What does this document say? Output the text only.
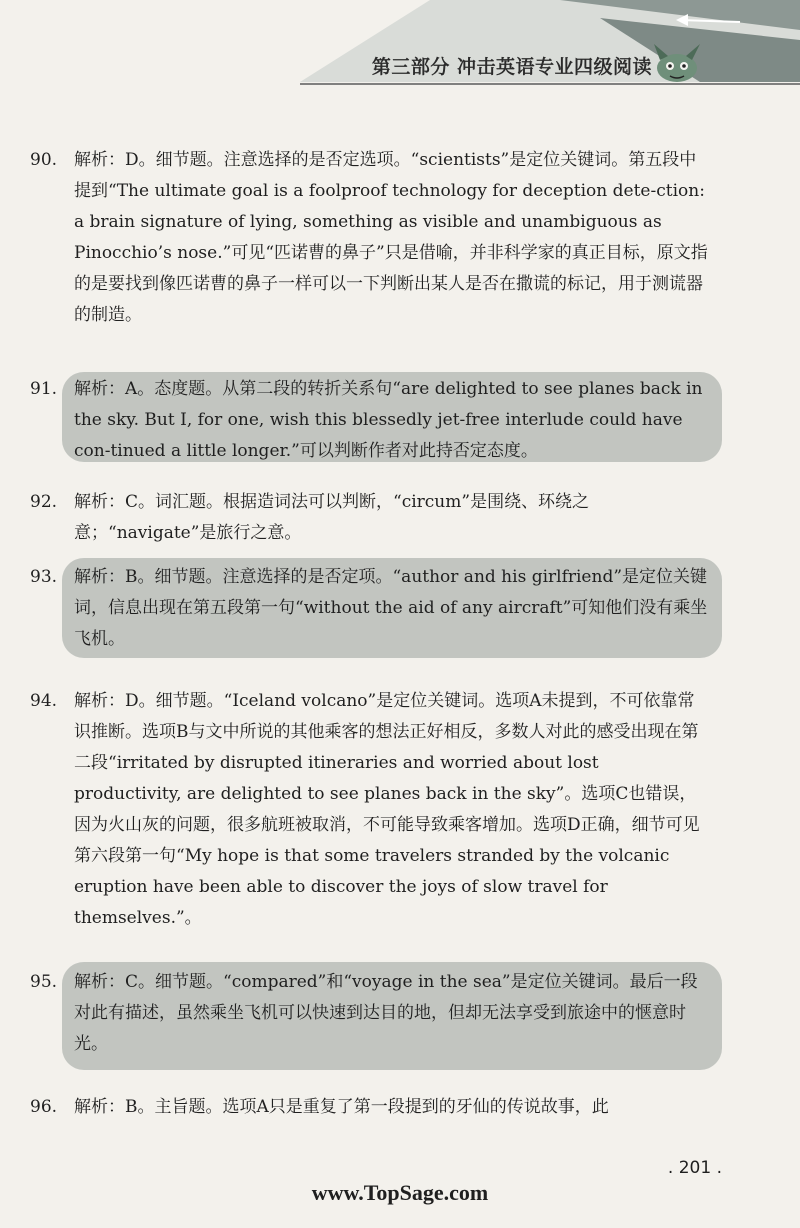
第三部分 冲击英语专业四级阅读
90. 解析：D。细节题。注意选择的是否定选项。“scientists”是定位关键词。第五段中提到“The ultimate goal is a foolproof technology for deception dete-ction: a brain signature of lying, something as visible and unambiguous as Pinocchio’s nose.”可见“匹诺曹的鼻子”只是借喻，并非科学家的真正目标，原文指的是要找到像匹诺曹的鼻子一样可以一下判断出某人是否在撒谎的标记，用于测谎器的制造。
91. 解析：A。态度题。从第二段的转折关系句“are delighted to see planes back in the sky. But I, for one, wish this blessedly jet-free interlude could have con-tinued a little longer.”可以判断作者对此持否定态度。
92. 解析：C。词汇题。根据造词法可以判断，“circum”是围绕、环绕之意；“navigate”是旅行之意。
93. 解析：B。细节题。注意选择的是否定项。“author and his girlfriend”是定位关键词，信息出现在第五段第一句“without the aid of any aircraft”可知他们没有乘坐飞机。
94. 解析：D。细节题。“Iceland volcano”是定位关键词。选项A未提到，不可依靠常识推断。选项B与文中所说的其他乘客的想法正好相反，多数人对此的感受出现在第二段“irritated by disrupted itineraries and worried about lost productivity, are delighted to see planes back in the sky”。选项C也错误，因为火山灰的问题，很多航班被取消，不可能导致乘客增加。选项D正确，细节可见第六段第一句“My hope is that some travelers stranded by the volcanic eruption have been able to discover the joys of slow travel for themselves.”。
95. 解析：C。细节题。“compared”和“voyage in the sea”是定位关键词。最后一段对此有描述，虽然乘坐飞机可以快速到达目的地，但却无法享受到旅途中的惬意时光。
96. 解析：B。主旨题。选项A只是重复了第一段提到的牙仙的传说故事，此
. 201 .
www.TopSage.com
